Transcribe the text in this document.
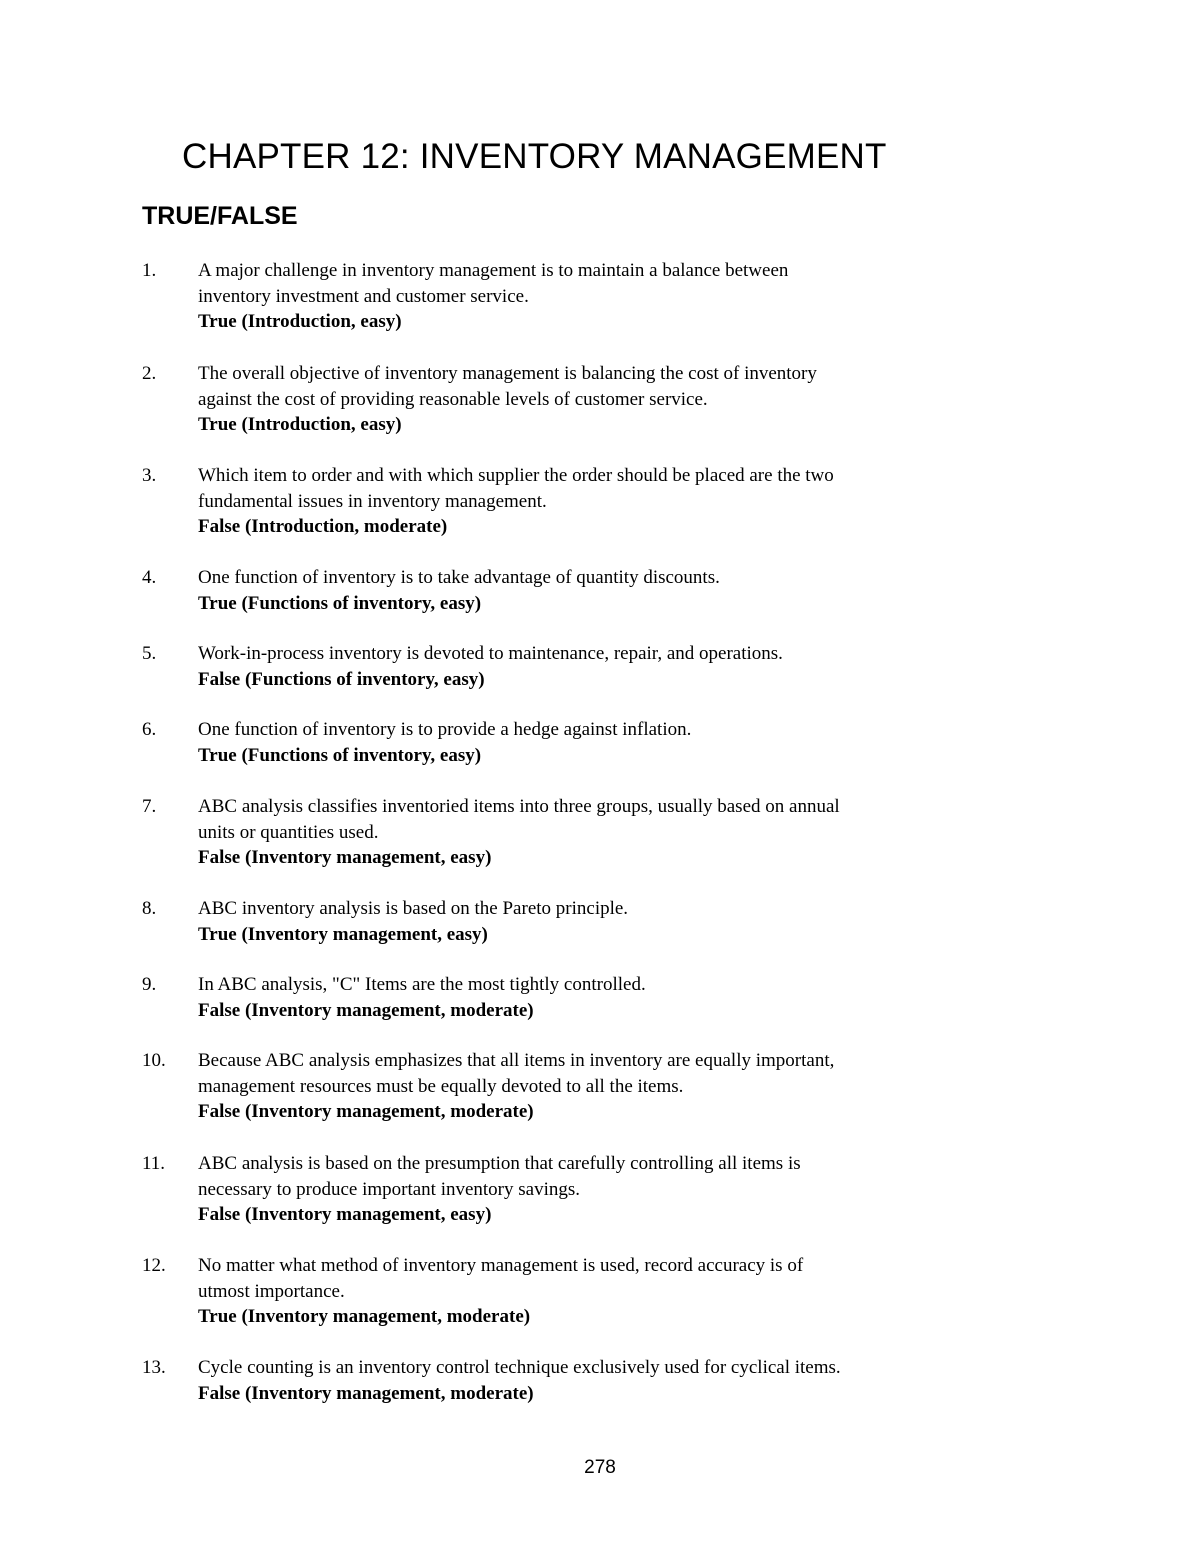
CHAPTER 12: INVENTORY MANAGEMENT
TRUE/FALSE
1. A major challenge in inventory management is to maintain a balance between
inventory investment and customer service.
True (Introduction, easy)
2. The overall objective of inventory management is balancing the cost of inventory
against the cost of providing reasonable levels of customer service.
True (Introduction, easy)
3. Which item to order and with which supplier the order should be placed are the two
fundamental issues in inventory management.
False (Introduction, moderate)
4. One function of inventory is to take advantage of quantity discounts.
True (Functions of inventory, easy)
5. Work-in-process inventory is devoted to maintenance, repair, and operations.
False (Functions of inventory, easy)
6. One function of inventory is to provide a hedge against inflation.
True (Functions of inventory, easy)
7. ABC analysis classifies inventoried items into three groups, usually based on annual
units or quantities used.
False (Inventory management, easy)
8. ABC inventory analysis is based on the Pareto principle.
True (Inventory management, easy)
9. In ABC analysis, "C" Items are the most tightly controlled.
False (Inventory management, moderate)
10. Because ABC analysis emphasizes that all items in inventory are equally important,
management resources must be equally devoted to all the items.
False (Inventory management, moderate)
11. ABC analysis is based on the presumption that carefully controlling all items is
necessary to produce important inventory savings.
False (Inventory management, easy)
12. No matter what method of inventory management is used, record accuracy is of
utmost importance.
True (Inventory management, moderate)
13. Cycle counting is an inventory control technique exclusively used for cyclical items.
False (Inventory management, moderate)

278
